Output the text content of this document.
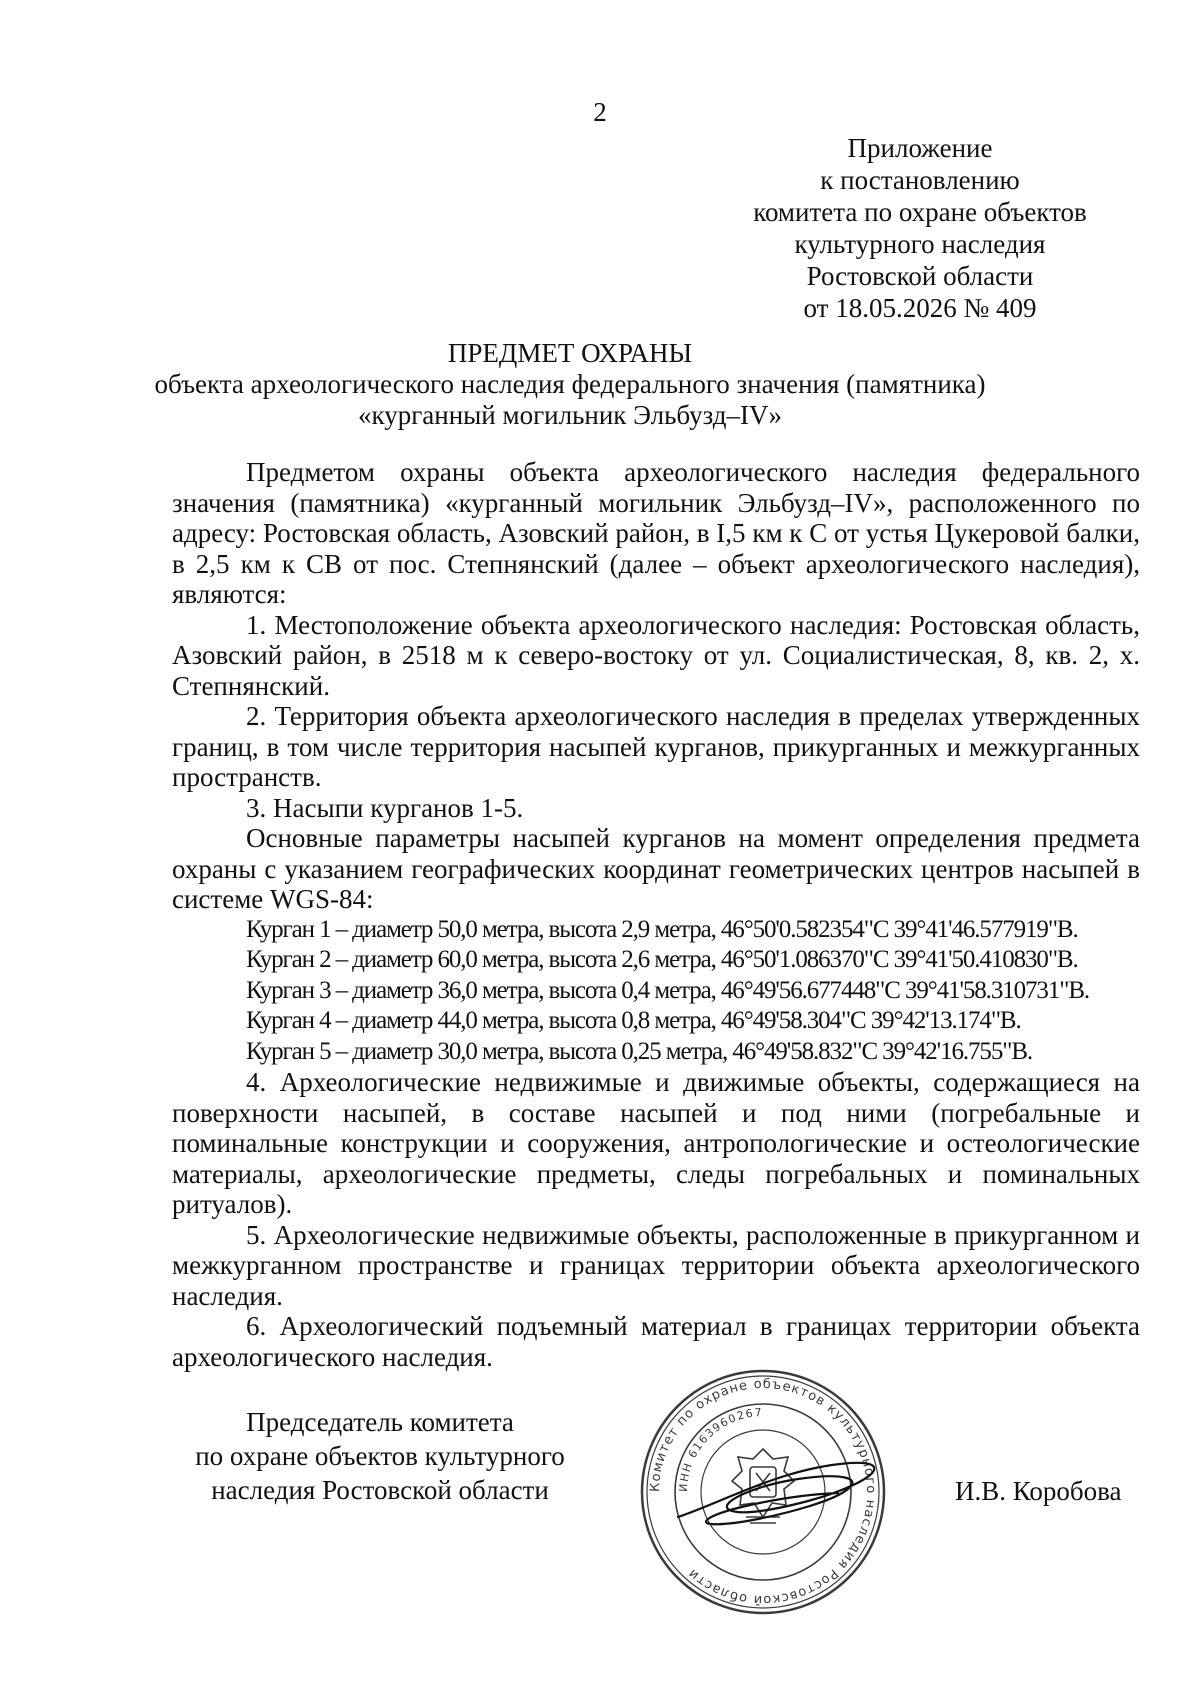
2
Приложение
к постановлению
комитета по охране объектов
культурного наследия
Ростовской области
от 18.05.2026 № 409
ПРЕДМЕТ ОХРАНЫ
объекта археологического наследия федерального значения (памятника)
«курганный могильник Эльбузд–IV»

Предметом охраны объекта археологического наследия федерального значения (памятника) «курганный могильник Эльбузд–IV», расположенного по адресу: Ростовская область, Азовский район, в I,5 км к С от устья Цукеровой балки, в 2,5 км к СВ от пос. Степнянский (далее – объект археологического наследия), являются:

1. Местоположение объекта археологического наследия: Ростовская область, Азовский район, в 2518 м к северо-востоку от ул. Социалистическая, 8, кв. 2, х. Степнянский.

2. Территория объекта археологического наследия в пределах утвержденных границ, в том числе территория насыпей курганов, прикурганных и межкурганных пространств.

3. Насыпи курганов 1-5.

Основные параметры насыпей курганов на момент определения предмета охраны с указанием географических координат геометрических центров насыпей в системе WGS-84:

Курган 1 – диаметр 50,0 метра, высота 2,9 метра, 46°50'0.582354"С 39°41'46.577919"В.
Курган 2 – диаметр 60,0 метра, высота 2,6 метра, 46°50'1.086370"С 39°41'50.410830"В.
Курган 3 – диаметр 36,0 метра, высота 0,4 метра, 46°49'56.677448"С 39°41'58.310731"В.
Курган 4 – диаметр 44,0 метра, высота 0,8 метра, 46°49'58.304"С 39°42'13.174"В.
Курган 5 – диаметр 30,0 метра, высота 0,25 метра, 46°49'58.832"С 39°42'16.755"В.

4. Археологические недвижимые и движимые объекты, содержащиеся на поверхности насыпей, в составе насыпей и под ними (погребальные и поминальные конструкции и сооружения, антропологические и остеологические материалы, археологические предметы, следы погребальных и поминальных ритуалов).

5. Археологические недвижимые объекты, расположенные в прикурганном и межкурганном пространстве и границах территории объекта археологического наследия.

6. Археологический подъемный материал в границах территории объекта археологического наследия.

Председатель комитета
по охране объектов культурного
наследия Ростовской области	Комитет по охране объектов культурного наследия Ростовской области
ИНН 6163960267
И.В. Коробова
